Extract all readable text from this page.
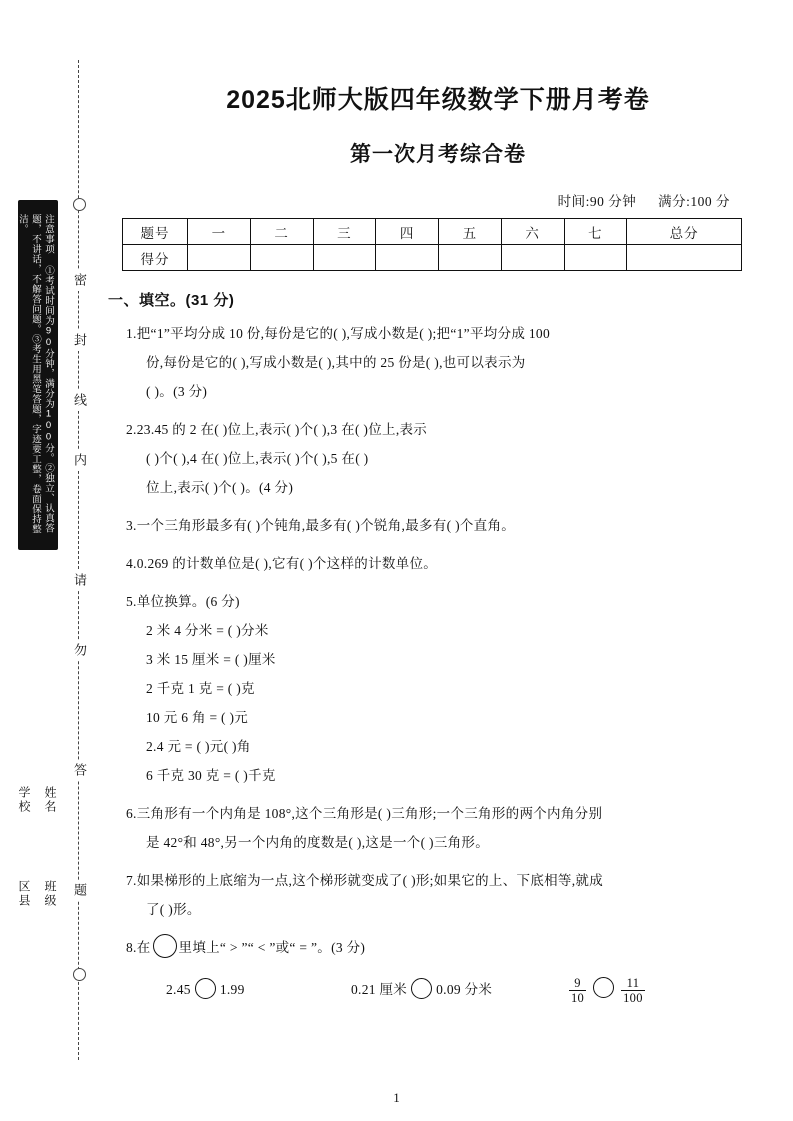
注意事项 ①考试时间为90分钟，满分为100分。②独立、认真答题，不讲话，不解答问题。③考生用黑笔答题，字迹要工整，卷面保持整洁。
密
封
线
内
请
勿
答
题
学校 姓名
区县 班级
2025北师大版四年级数学下册月考卷
第一次月考综合卷
时间:90 分钟 满分:100 分
题号	一	二	三	四	五	六	七	总分
得分								
一、填空。(31 分)
1.把“1”平均分成 10 份,每份是它的( ),写成小数是( );把“1”平均分成 100
份,每份是它的( ),写成小数是( ),其中的 25 份是( ),也可以表示为
( )。(3 分)
2.23.45 的 2 在( )位上,表示( )个( ),3 在( )位上,表示
( )个( ),4 在( )位上,表示( )个( ),5 在( )
位上,表示( )个( )。(4 分)
3.一个三角形最多有( )个钝角,最多有( )个锐角,最多有( )个直角。
4.0.269 的计数单位是( ),它有( )个这样的计数单位。
5.单位换算。(6 分)
2 米 4 分米 = ( )分米
3 米 15 厘米 = ( )厘米
2 千克 1 克 = ( )克
10 元 6 角 = ( )元
2.4 元 = ( )元( )角
6 千克 30 克 = ( )千克
6.三角形有一个内角是 108°,这个三角形是( )三角形;一个三角形的两个内角分别
是 42°和 48°,另一个内角的度数是( ),这是一个( )三角形。
7.如果梯形的上底缩为一点,这个梯形就变成了( )形;如果它的上、下底相等,就成
了( )形。
8.在 里填上“ > ”“ < ”或“ = ”。(3 分)
2.45 1.99	0.21 厘米 0.09 分米	$\frac{9}{10}$	$\frac{11}{100}$
1
